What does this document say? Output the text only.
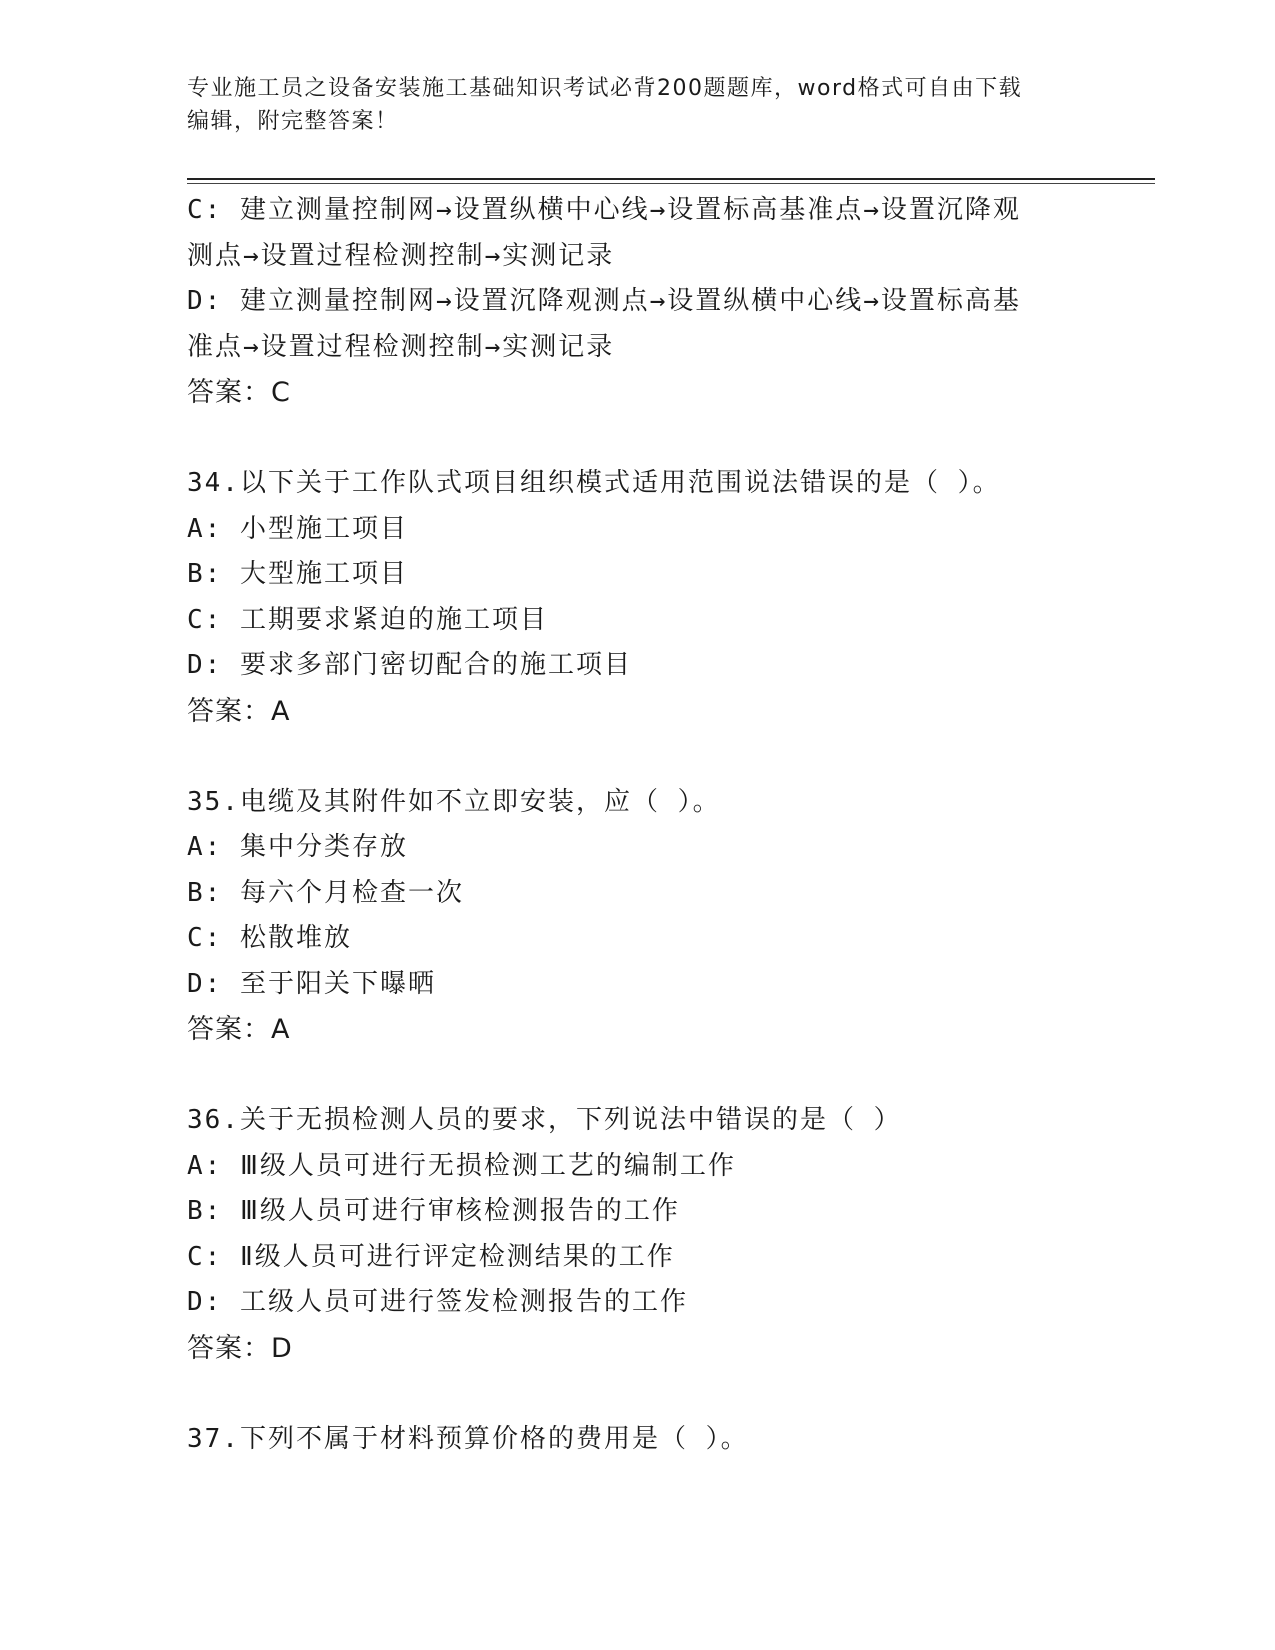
专业施工员之设备安装施工基础知识考试必背200题题库，word格式可自由下载
编辑，附完整答案！
C: 建立测量控制网→设置纵横中心线→设置标高基准点→设置沉降观
测点→设置过程检测控制→实测记录
D: 建立测量控制网→设置沉降观测点→设置纵横中心线→设置标高基
准点→设置过程检测控制→实测记录
答案：C
34.以下关于工作队式项目组织模式适用范围说法错误的是（ ）。
A: 小型施工项目
B: 大型施工项目
C: 工期要求紧迫的施工项目
D: 要求多部门密切配合的施工项目
答案：A
35.电缆及其附件如不立即安装，应（ ）。
A: 集中分类存放
B: 每六个月检查一次
C: 松散堆放
D: 至于阳关下曝晒
答案：A
36.关于无损检测人员的要求，下列说法中错误的是（ ）
A: Ⅲ级人员可进行无损检测工艺的编制工作
B: Ⅲ级人员可进行审核检测报告的工作
C: Ⅱ级人员可进行评定检测结果的工作
D: 工级人员可进行签发检测报告的工作
答案：D
37.下列不属于材料预算价格的费用是（ ）。
